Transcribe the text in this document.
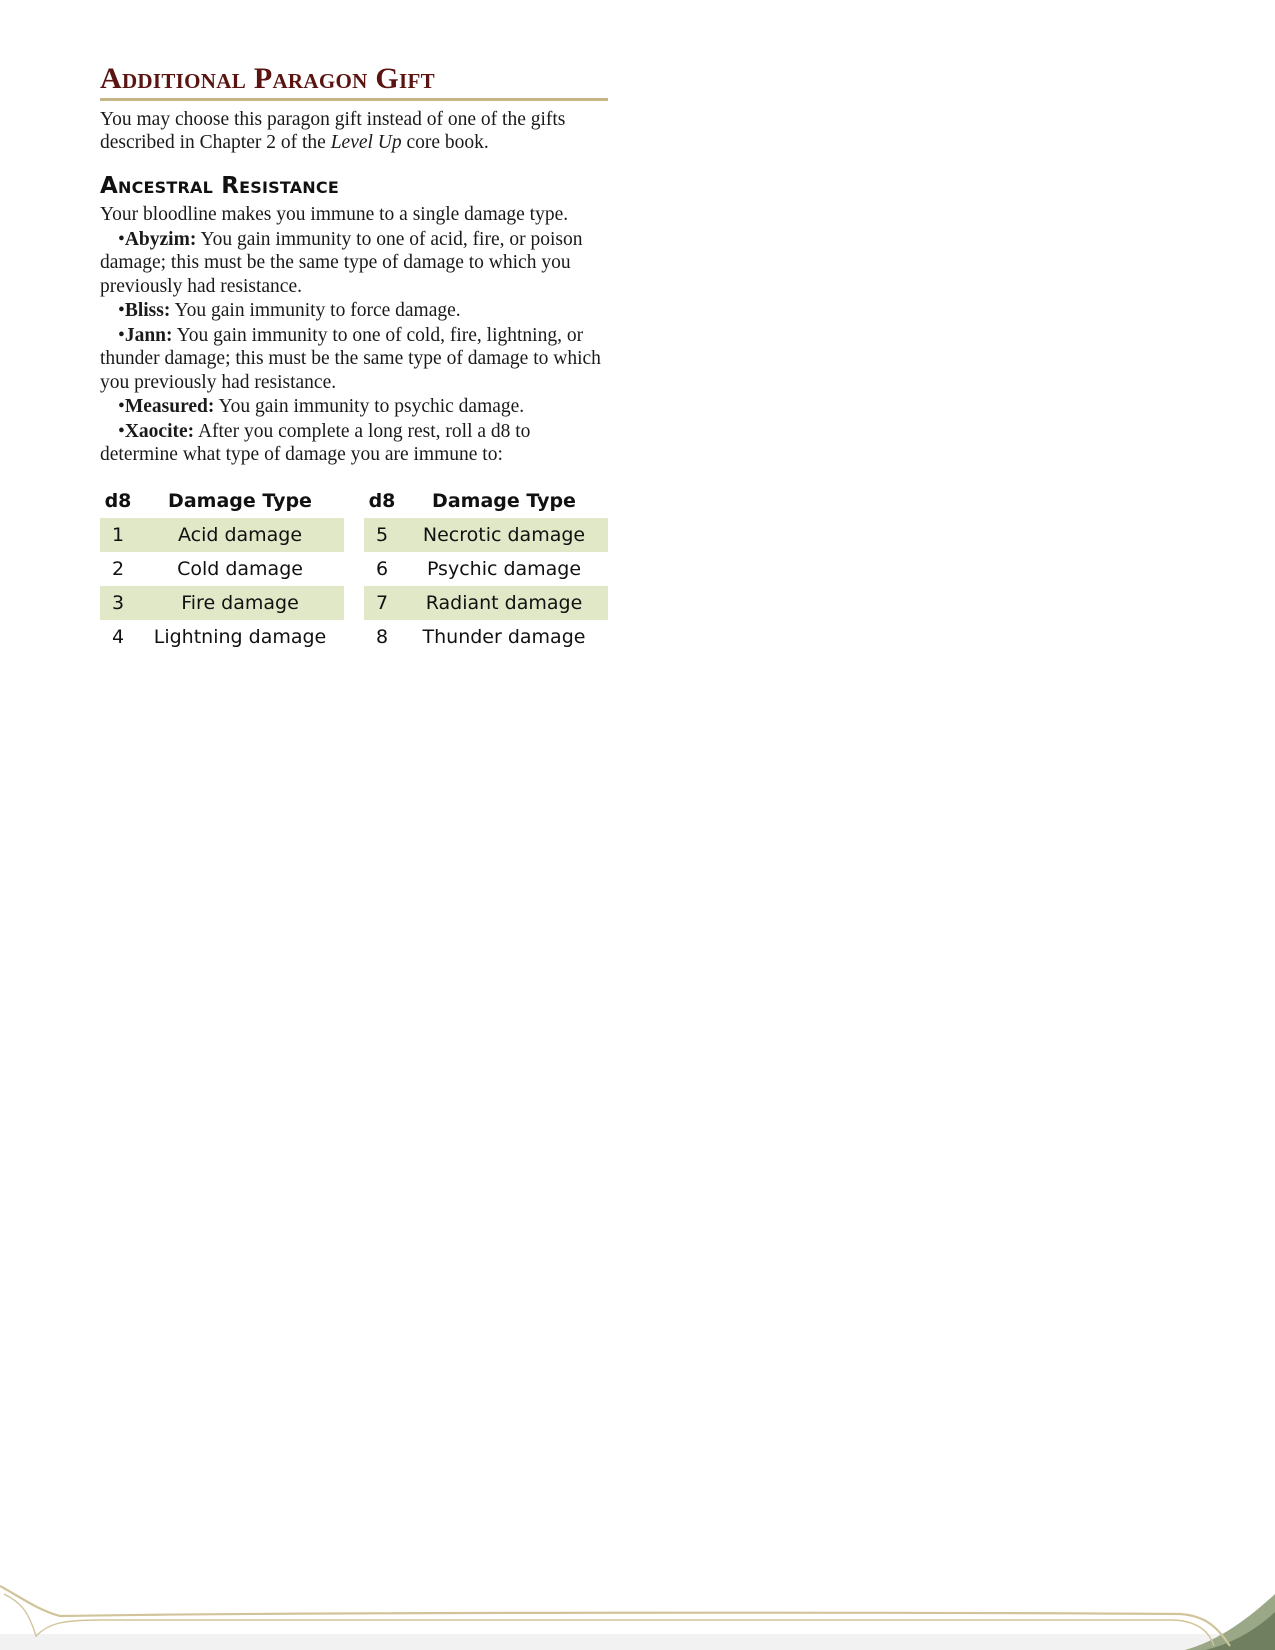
Additional Paragon Gift

You may choose this paragon gift instead of one of the gifts described in Chapter 2 of the Level Up core book.

Ancestral Resistance

Your bloodline makes you immune to a single damage type.

•Abyzim: You gain immunity to one of acid, fire, or poison damage; this must be the same type of damage to which you previously had resistance.

•Bliss: You gain immunity to force damage.

•Jann: You gain immunity to one of cold, fire, lightning, or thunder damage; this must be the same type of damage to which you previously had resistance.

•Measured: You gain immunity to psychic damage.

•Xaocite: After you complete a long rest, roll a d8 to determine what type of damage you are immune to:

d8	Damage Type
1	Acid damage
2	Cold damage
3	Fire damage
4	Lightning damage
d8	Damage Type
5	Necrotic damage
6	Psychic damage
7	Radiant damage
8	Thunder damage
